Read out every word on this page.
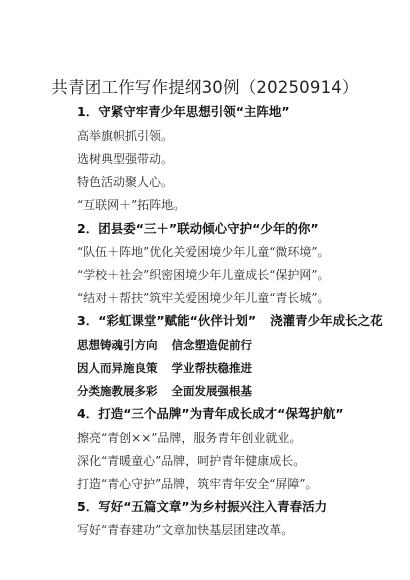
共青团工作写作提纲30例（20250914）
1．守紧守牢青少年思想引领“主阵地”
高举旗帜抓引领。
选树典型强带动。
特色活动聚人心。
“互联网＋”拓阵地。
2．团县委“三＋”联动倾心守护“少年的你”
“队伍＋阵地”优化关爱困境少年儿童“微环境”。
“学校＋社会”织密困境少年儿童成长“保护网”。
“结对＋帮扶”筑牢关爱困境少年儿童“青长城”。
3．“彩虹课堂”赋能“伙伴计划” 浇灌青少年成长之花
思想铸魂引方向 信念塑造促前行
因人而异施良策 学业帮扶稳推进
分类施教展多彩 全面发展强根基
4．打造“三个品牌”为青年成长成才“保驾护航”
擦亮“青创××”品牌，服务青年创业就业。
深化“青暖童心”品牌，呵护青年健康成长。
打造“青心守护”品牌，筑牢青年安全“屏障”。
5．写好“五篇文章”为乡村振兴注入青春活力
写好“青春建功”文章加快基层团建改革。
